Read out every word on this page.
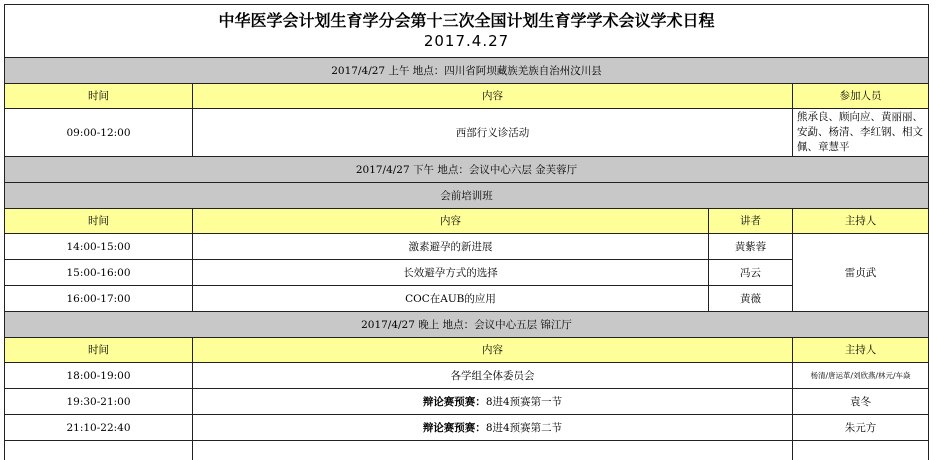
中华医学会计划生育学分会第十三次全国计划生育学学术会议学术日程
2017.4.27			

2017/4/27 上午 地点：四川省阿坝藏族羌族自治州汶川县			
时间	内容		参加人员
09:00-12:00	西部行义诊活动		熊承良、顾向应、黄丽丽、安勐、杨清、李红钢、相文佩、章慧平
2017/4/27 下午 地点：会议中心六层 金芙蓉厅			
会前培训班			
时间	内容	讲者	主持人
14:00-15:00	激素避孕的新进展	黄紫蓉	雷贞武
15:00-16:00	长效避孕方式的选择	冯云	
16:00-17:00	COC在AUB的应用	黄薇	
2017/4/27 晚上 地点：会议中心五层 锦江厅			
时间	内容		主持人
18:00-19:00	各学组全体委员会		杨清/唐运革/刘欣燕/林元/车焱
19:30-21:00	辩论赛预赛：8进4预赛第一节		袁冬
21:10-22:40	辩论赛预赛：8进4预赛第二节		朱元方
